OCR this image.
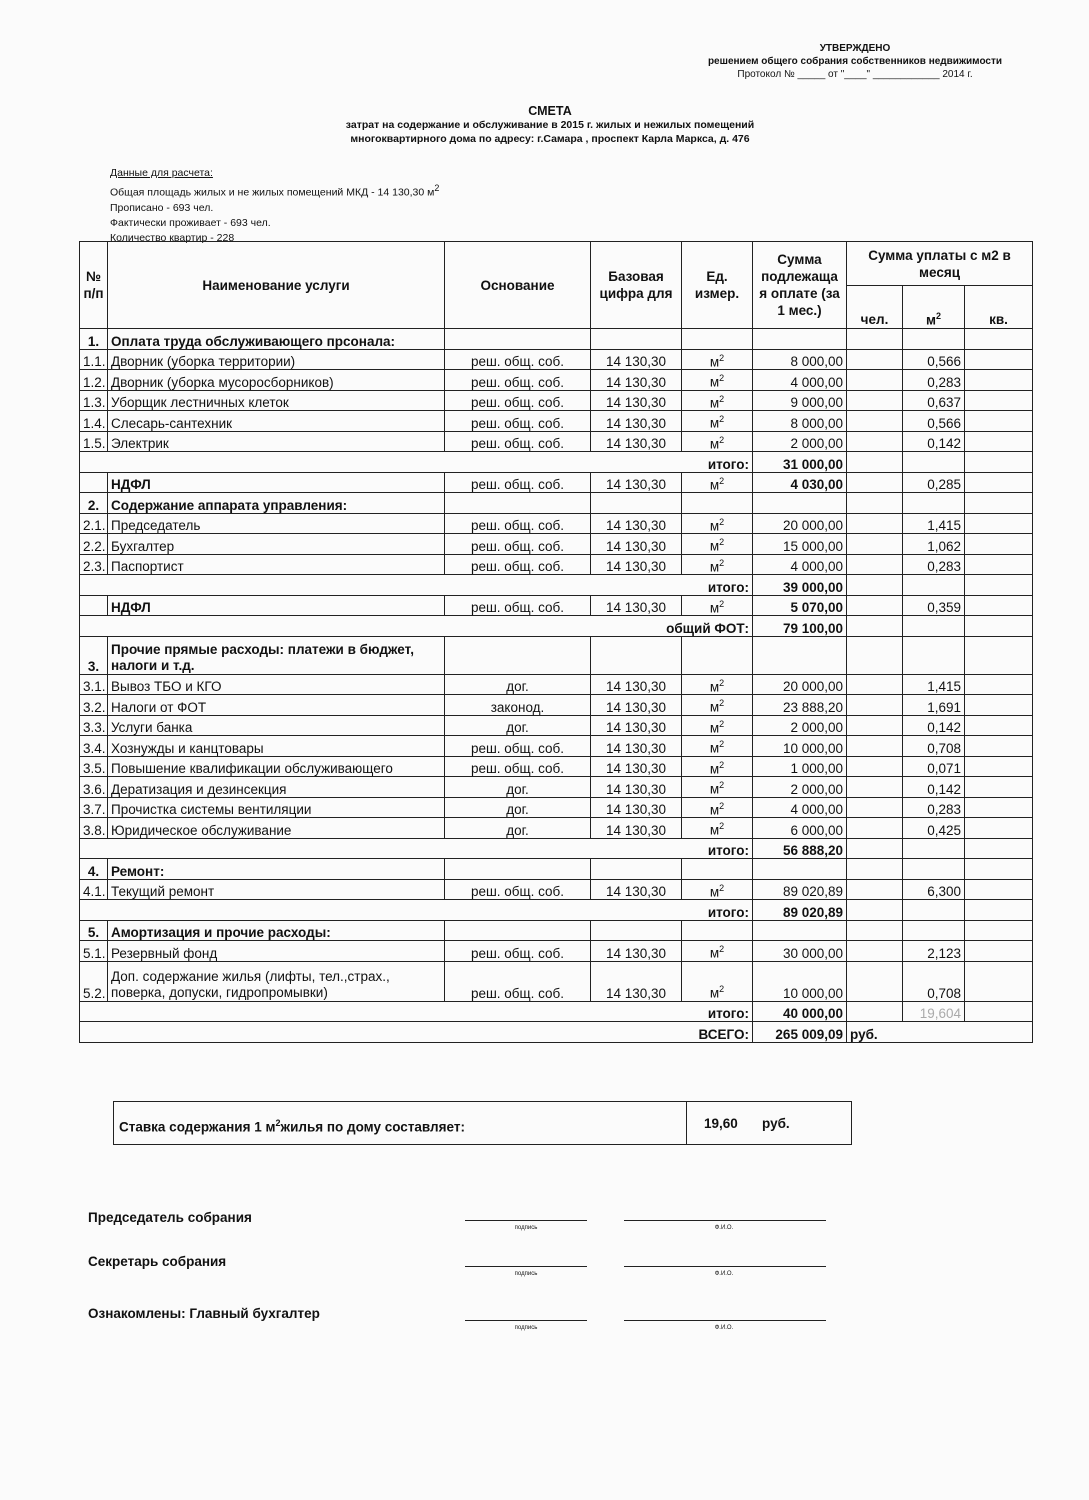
УТВЕРЖДЕНО
решением общего собрания собственников недвижимости
Протокол № _____ от "____" ____________ 2014 г.
СМЕТА
затрат на содержание и обслуживание в 2015 г. жилых и нежилых помещений
многоквартирного дома по адресу: г.Самара , проспект Карла Маркса, д. 476
Данные для расчета:
Общая площадь жилых и не жилых помещений МКД - 14 130,30 м2
Прописано - 693 чел.
Фактически проживает - 693 чел.
Количество квартир - 228
№ п/п	Наименование услуги	Основание	Базовая цифра для	Ед. измер.	Сумма подлежаща я оплате (за 1 мес.)	Сумма уплаты с м2 в месяц		
						чел.	$м^2$	кв.
1.	Оплата труда обслуживающего прсонала:							
1.1.	Дворник (уборка территории)	реш. общ. соб.	14 130,30	$м^2$	8 000,00		0,566	
1.2.	Дворник (уборка мусоросборников)	реш. общ. соб.	14 130,30	$м^2$	4 000,00		0,283	
1.3.	Уборщик лестничных клеток	реш. общ. соб.	14 130,30	$м^2$	9 000,00		0,637	
1.4.	Слесарь-сантехник	реш. общ. соб.	14 130,30	$м^2$	8 000,00		0,566	
1.5.	Электрик	реш. общ. соб.	14 130,30	$м^2$	2 000,00		0,142	
итого:					31 000,00			
	НДФЛ	реш. общ. соб.	14 130,30	$м^2$	4 030,00		0,285	
2.	Содержание аппарата управления:							
2.1.	Председатель	реш. общ. соб.	14 130,30	$м^2$	20 000,00		1,415	
2.2.	Бухгалтер	реш. общ. соб.	14 130,30	$м^2$	15 000,00		1,062	
2.3.	Паспортист	реш. общ. соб.	14 130,30	$м^2$	4 000,00		0,283	
итого:					39 000,00			
	НДФЛ	реш. общ. соб.	14 130,30	$м^2$	5 070,00		0,359	
общий ФОТ:					79 100,00			
3.	Прочие прямые расходы: платежи в бюджет, налоги и т.д.							
3.1.	Вывоз ТБО и КГО	дог.	14 130,30	$м^2$	20 000,00		1,415	
3.2.	Налоги от ФОТ	законод.	14 130,30	$м^2$	23 888,20		1,691	
3.3.	Услуги банка	дог.	14 130,30	$м^2$	2 000,00		0,142	
3.4.	Хознужды и канцтовары	реш. общ. соб.	14 130,30	$м^2$	10 000,00		0,708	
3.5.	Повышение квалификации обслуживающего	реш. общ. соб.	14 130,30	$м^2$	1 000,00		0,071	
3.6.	Дератизация и дезинсекция	дог.	14 130,30	$м^2$	2 000,00		0,142	
3.7.	Прочистка системы вентиляции	дог.	14 130,30	$м^2$	4 000,00		0,283	
3.8.	Юридическое обслуживание	дог.	14 130,30	$м^2$	6 000,00		0,425	
итого:					56 888,20			
4.	Ремонт:							
4.1.	Текущий ремонт	реш. общ. соб.	14 130,30	$м^2$	89 020,89		6,300	
итого:					89 020,89			
5.	Амортизация и прочие расходы:							
5.1.	Резервный фонд	реш. общ. соб.	14 130,30	$м^2$	30 000,00		2,123	
5.2.	Доп. содержание жилья (лифты, тел.,страх., поверка, допуски, гидропромывки)	реш. общ. соб.	14 130,30	$м^2$	10 000,00		0,708	
итого:					40 000,00		19,604	
ВСЕГО:					265 009,09	руб.		
Ставка содержания 1 $м^2жилья$ по дому составляет:	19,60 руб.
Председатель собрания
подпись	Ф.И.О.
Секретарь собрания
подпись	Ф.И.О.
Ознакомлены: Главный бухгалтер
подпись	Ф.И.О.
